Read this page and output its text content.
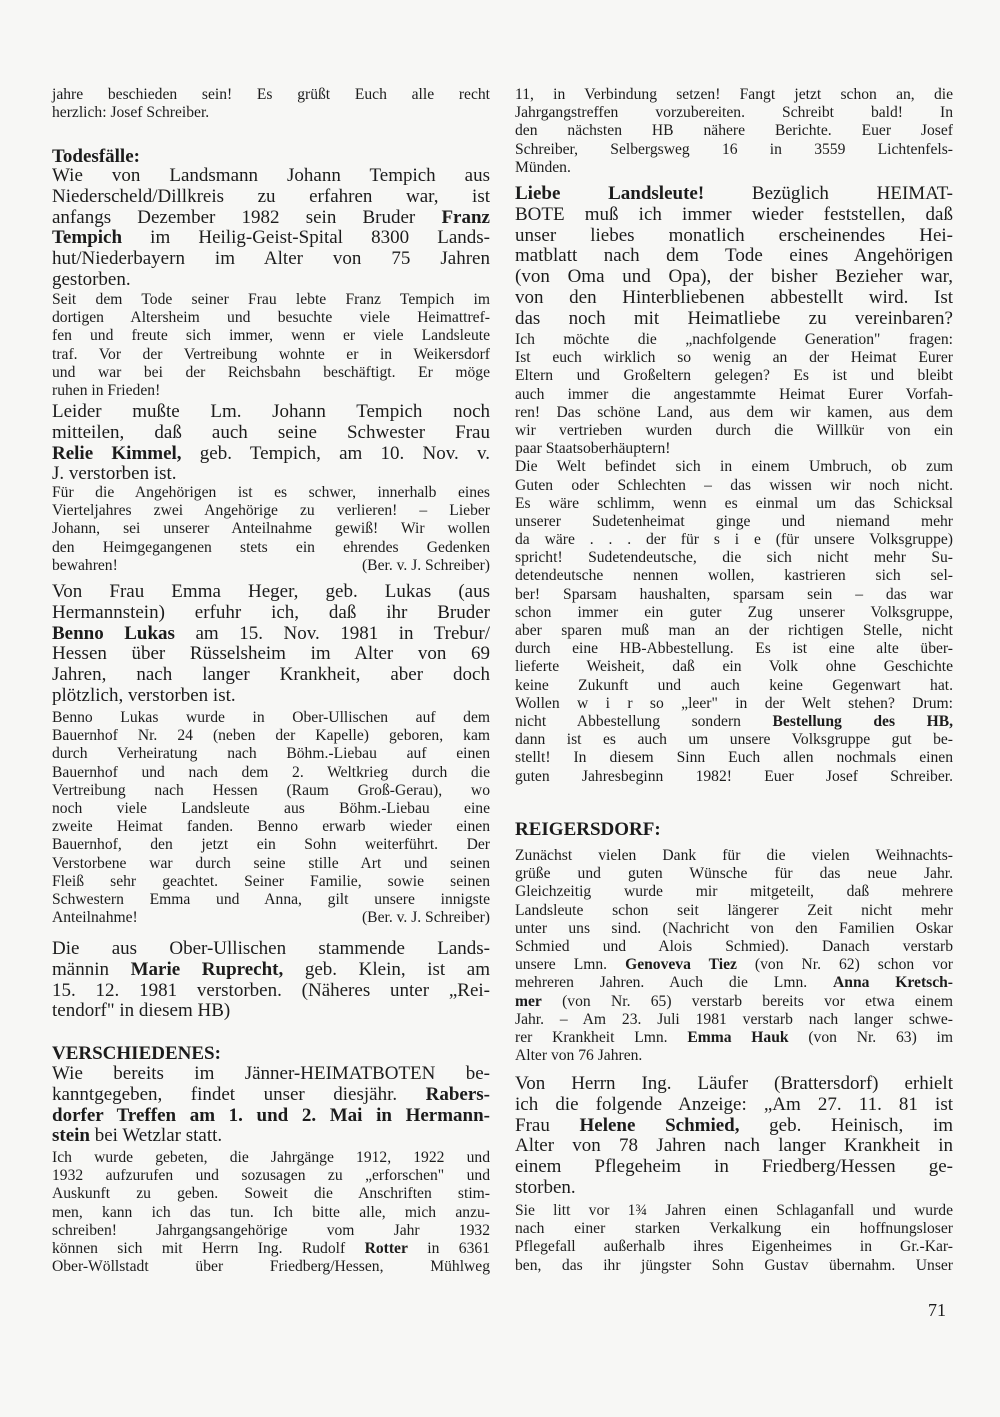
jahre beschieden sein! Es grüßt Euch alle recht
herzlich: Josef Schreiber.
Todesfälle:
Wie von Landsmann Johann Tempich aus
Niederscheld/Dillkreis zu erfahren war, ist
anfangs Dezember 1982 sein Bruder Franz
Tempich im Heilig-Geist-Spital 8300 Lands-
hut/Niederbayern im Alter von 75 Jahren
gestorben.
Seit dem Tode seiner Frau lebte Franz Tempich im
dortigen Altersheim und besuchte viele Heimattref-
fen und freute sich immer, wenn er viele Landsleute
traf. Vor der Vertreibung wohnte er in Weikersdorf
und war bei der Reichsbahn beschäftigt. Er möge
ruhen in Frieden!
Leider mußte Lm. Johann Tempich noch
mitteilen, daß auch seine Schwester Frau
Relie Kimmel, geb. Tempich, am 10. Nov. v.
J. verstorben ist.
Für die Angehörigen ist es schwer, innerhalb eines
Vierteljahres zwei Angehörige zu verlieren! – Lieber
Johann, sei unserer Anteilnahme gewiß! Wir wollen
den Heimgegangenen stets ein ehrendes Gedenken
bewahren!	(Ber. v. J. Schreiber)
Von Frau Emma Heger, geb. Lukas (aus
Hermannstein) erfuhr ich, daß ihr Bruder
Benno Lukas am 15. Nov. 1981 in Trebur/
Hessen über Rüsselsheim im Alter von 69
Jahren, nach langer Krankheit, aber doch
plötzlich, verstorben ist.
Benno Lukas wurde in Ober-Ullischen auf dem
Bauernhof Nr. 24 (neben der Kapelle) geboren, kam
durch Verheiratung nach Böhm.-Liebau auf einen
Bauernhof und nach dem 2. Weltkrieg durch die
Vertreibung nach Hessen (Raum Groß-Gerau), wo
noch viele Landsleute aus Böhm.-Liebau eine
zweite Heimat fanden. Benno erwarb wieder einen
Bauernhof, den jetzt ein Sohn weiterführt. Der
Verstorbene war durch seine stille Art und seinen
Fleiß sehr geachtet. Seiner Familie, sowie seinen
Schwestern Emma und Anna, gilt unsere innigste
Anteilnahme!	(Ber. v. J. Schreiber)
Die aus Ober-Ullischen stammende Lands-
männin Marie Ruprecht, geb. Klein, ist am
15. 12. 1981 verstorben. (Näheres unter „Rei-
tendorf" in diesem HB)
VERSCHIEDENES:
Wie bereits im Jänner-HEIMATBOTEN be-
kanntgegeben, findet unser diesjähr. Rabers-
dorfer Treffen am 1. und 2. Mai in Hermann-
stein bei Wetzlar statt.
Ich wurde gebeten, die Jahrgänge 1912, 1922 und
1932 aufzurufen und sozusagen zu „erforschen" und
Auskunft zu geben. Soweit die Anschriften stim-
men, kann ich das tun. Ich bitte alle, mich anzu-
schreiben! Jahrgangsangehörige vom Jahr 1932
können sich mit Herrn Ing. Rudolf Rotter in 6361
Ober-Wöllstadt über Friedberg/Hessen, Mühlweg
11, in Verbindung setzen! Fangt jetzt schon an, die
Jahrgangstreffen vorzubereiten. Schreibt bald! In
den nächsten HB nähere Berichte. Euer Josef
Schreiber, Selbergsweg 16 in 3559 Lichtenfels-
Münden.
Liebe Landsleute! Bezüglich HEIMAT-
BOTE muß ich immer wieder feststellen, daß
unser liebes monatlich erscheinendes Hei-
matblatt nach dem Tode eines Angehörigen
(von Oma und Opa), der bisher Bezieher war,
von den Hinterbliebenen abbestellt wird. Ist
das noch mit Heimatliebe zu vereinbaren?
Ich möchte die „nachfolgende Generation" fragen:
Ist euch wirklich so wenig an der Heimat Eurer
Eltern und Großeltern gelegen? Es ist und bleibt
auch immer die angestammte Heimat Eurer Vorfah-
ren! Das schöne Land, aus dem wir kamen, aus dem
wir vertrieben wurden durch die Willkür von ein
paar Staatsoberhäuptern!
Die Welt befindet sich in einem Umbruch, ob zum
Guten oder Schlechten – das wissen wir noch nicht.
Es wäre schlimm, wenn es einmal um das Schicksal
unserer Sudetenheimat ginge und niemand mehr
da wäre . . . der für s i e (für unsere Volksgruppe)
spricht! Sudetendeutsche, die sich nicht mehr Su-
detendeutsche nennen wollen, kastrieren sich sel-
ber! Sparsam haushalten, sparsam sein – das war
schon immer ein guter Zug unserer Volksgruppe,
aber sparen muß man an der richtigen Stelle, nicht
durch eine HB-Abbestellung. Es ist eine alte über-
lieferte Weisheit, daß ein Volk ohne Geschichte
keine Zukunft und auch keine Gegenwart hat.
Wollen w i r so „leer" in der Welt stehen? Drum:
nicht Abbestellung sondern Bestellung des HB,
dann ist es auch um unsere Volksgruppe gut be-
stellt! In diesem Sinn Euch allen nochmals einen
guten Jahresbeginn 1982! Euer Josef Schreiber.
REIGERSDORF:
Zunächst vielen Dank für die vielen Weihnachts-
grüße und guten Wünsche für das neue Jahr.
Gleichzeitig wurde mir mitgeteilt, daß mehrere
Landsleute schon seit längerer Zeit nicht mehr
unter uns sind. (Nachricht von den Familien Oskar
Schmied und Alois Schmied). Danach verstarb
unsere Lmn. Genoveva Tiez (von Nr. 62) schon vor
mehreren Jahren. Auch die Lmn. Anna Kretsch-
mer (von Nr. 65) verstarb bereits vor etwa einem
Jahr. – Am 23. Juli 1981 verstarb nach langer schwe-
rer Krankheit Lmn. Emma Hauk (von Nr. 63) im
Alter von 76 Jahren.
Von Herrn Ing. Läufer (Brattersdorf) erhielt
ich die folgende Anzeige: „Am 27. 11. 81 ist
Frau Helene Schmied, geb. Heinisch, im
Alter von 78 Jahren nach langer Krankheit in
einem Pflegeheim in Friedberg/Hessen ge-
storben.
Sie litt vor 1¾ Jahren einen Schlaganfall und wurde
nach einer starken Verkalkung ein hoffnungsloser
Pflegefall außerhalb ihres Eigenheimes in Gr.-Kar-
ben, das ihr jüngster Sohn Gustav übernahm. Unser
71
